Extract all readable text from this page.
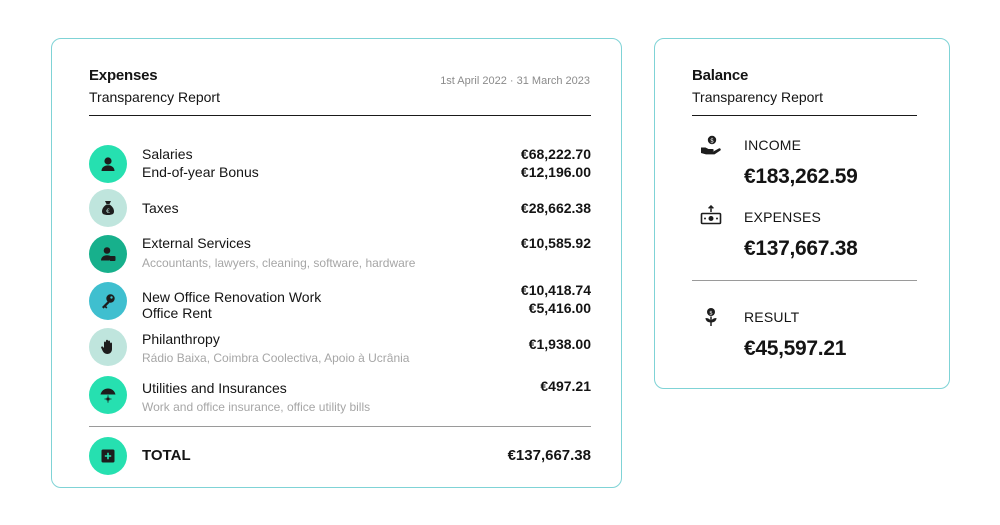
Expenses
Transparency Report
1st April 2022 · 31 March 2023
Salaries
End-of-year Bonus
€68,222.70
€12,196.00
€ Taxes	€28,662.38
External Services
Accountants, lawyers, cleaning, software, hardware
€10,585.92
New Office Renovation Work
Office Rent
€10,418.74
€5,416.00
Philanthropy
Rádio Baixa, Coimbra Coolectiva, Apoio à Ucrânia
€1,938.00
Utilities and Insurances
Work and office insurance, office utility bills
€497.21
TOTAL	€137,667.38
Balance
Transparency Report
$ INCOME
€183,262.59
EXPENSES
€137,667.38
$ RESULT
€45,597.21
